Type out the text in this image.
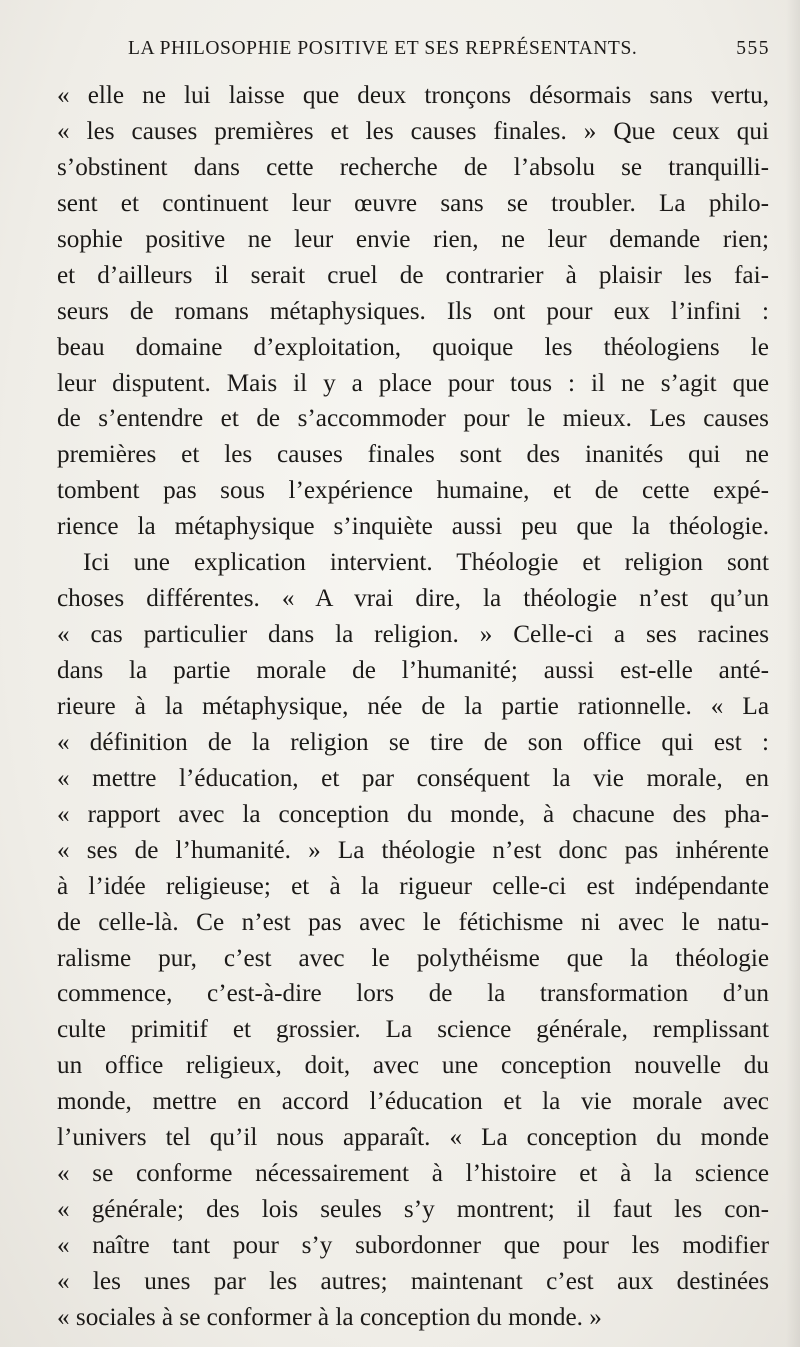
LA PHILOSOPHIE POSITIVE ET SES REPRÉSENTANTS.	555
« elle ne lui laisse que deux tronçons désormais sans vertu,
« les causes premières et les causes finales. » Que ceux qui
s’obstinent dans cette recherche de l’absolu se tranquilli-
sent et continuent leur œuvre sans se troubler. La philo-
sophie positive ne leur envie rien, ne leur demande rien;
et d’ailleurs il serait cruel de contrarier à plaisir les fai-
seurs de romans métaphysiques. Ils ont pour eux l’infini :
beau domaine d’exploitation, quoique les théologiens le
leur disputent. Mais il y a place pour tous : il ne s’agit que
de s’entendre et de s’accommoder pour le mieux. Les causes
premières et les causes finales sont des inanités qui ne
tombent pas sous l’expérience humaine, et de cette expé-
rience la métaphysique s’inquiète aussi peu que la théologie.
Ici une explication intervient. Théologie et religion sont
choses différentes. « A vrai dire, la théologie n’est qu’un
« cas particulier dans la religion. » Celle-ci a ses racines
dans la partie morale de l’humanité; aussi est-elle anté-
rieure à la métaphysique, née de la partie rationnelle. « La
« définition de la religion se tire de son office qui est :
« mettre l’éducation, et par conséquent la vie morale, en
« rapport avec la conception du monde, à chacune des pha-
« ses de l’humanité. » La théologie n’est donc pas inhérente
à l’idée religieuse; et à la rigueur celle-ci est indépendante
de celle-là. Ce n’est pas avec le fétichisme ni avec le natu-
ralisme pur, c’est avec le polythéisme que la théologie
commence, c’est-à-dire lors de la transformation d’un
culte primitif et grossier. La science générale, remplissant
un office religieux, doit, avec une conception nouvelle du
monde, mettre en accord l’éducation et la vie morale avec
l’univers tel qu’il nous apparaît. « La conception du monde
« se conforme nécessairement à l’histoire et à la science
« générale; des lois seules s’y montrent; il faut les con-
« naître tant pour s’y subordonner que pour les modifier
« les unes par les autres; maintenant c’est aux destinées
« sociales à se conformer à la conception du monde. »
